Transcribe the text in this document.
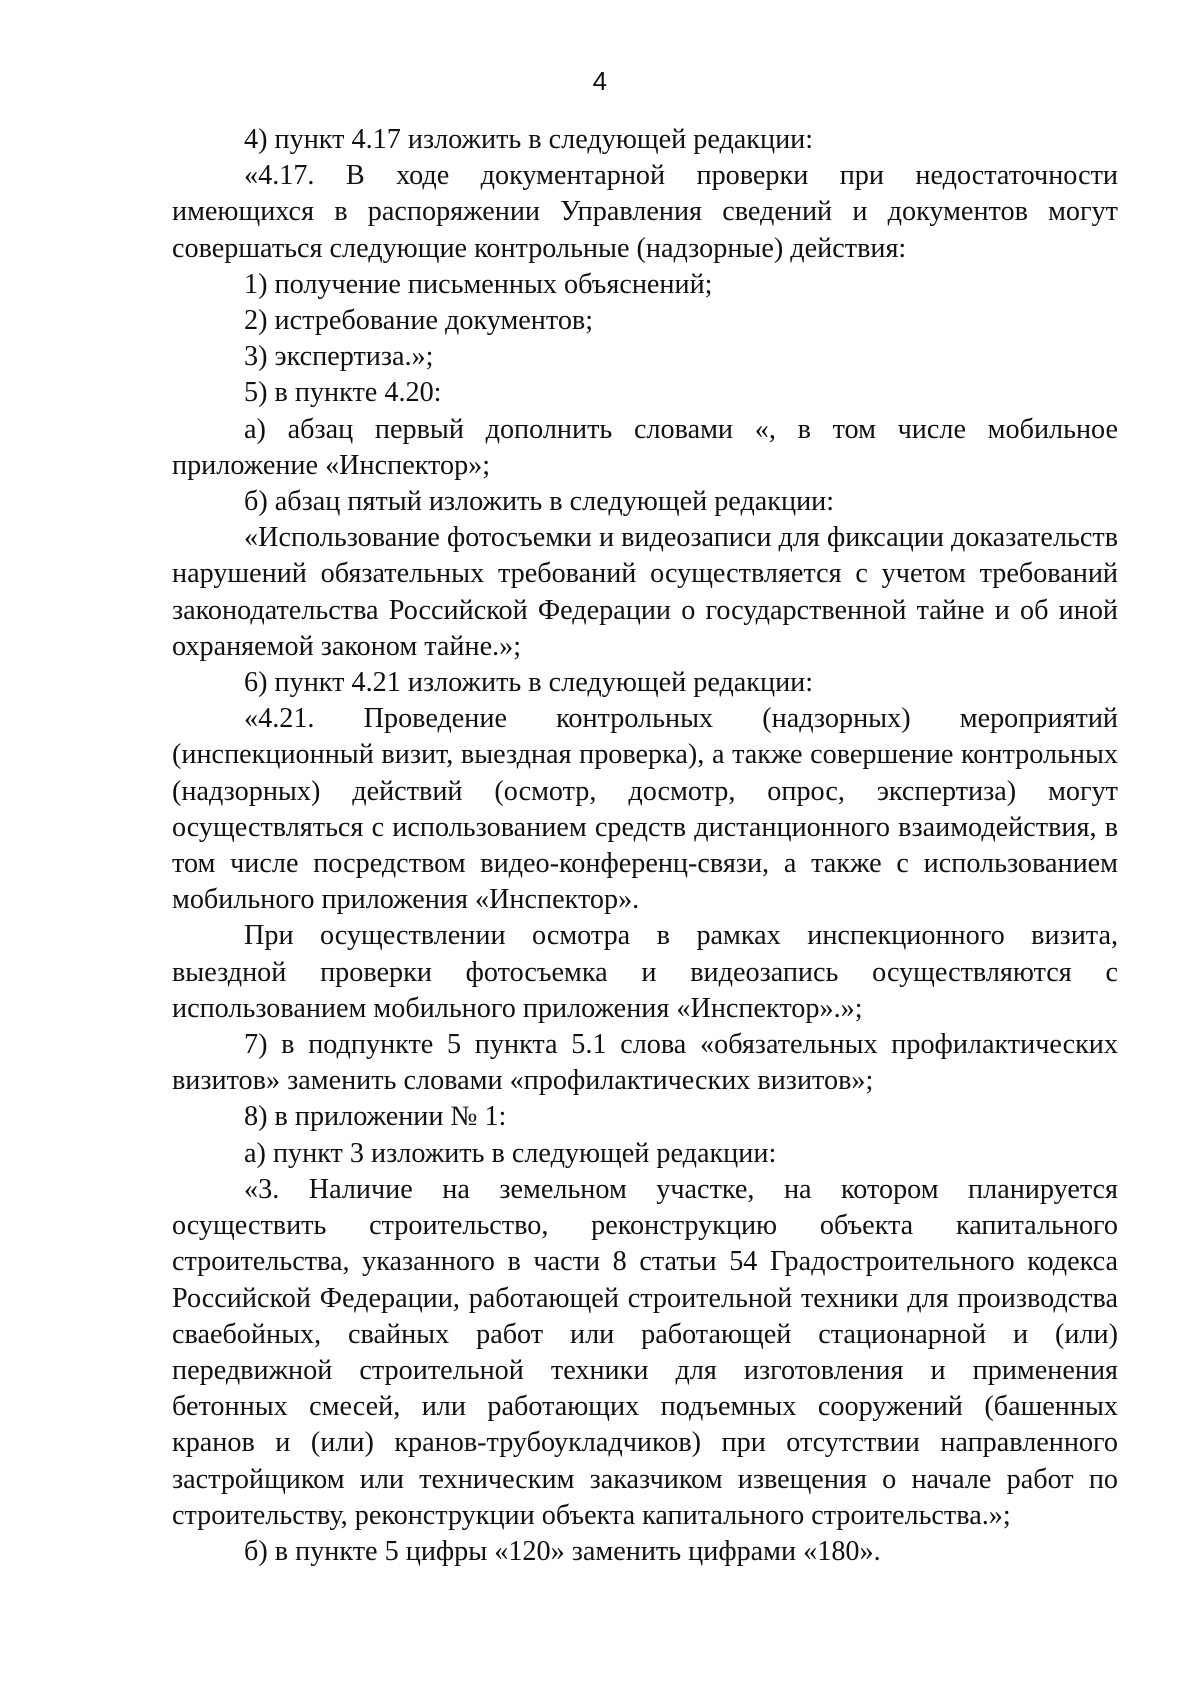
4

4) пункт 4.17 изложить в следующей редакции:

«4.17. В ходе документарной проверки при недостаточности имеющихся в распоряжении Управления сведений и документов могут совершаться следующие контрольные (надзорные) действия:

1) получение письменных объяснений;

2) истребование документов;

3) экспертиза.»;

5) в пункте 4.20:

а) абзац первый дополнить словами «, в том числе мобильное приложение «Инспектор»;

б) абзац пятый изложить в следующей редакции:

«Использование фотосъемки и видеозаписи для фиксации доказательств нарушений обязательных требований осуществляется с учетом требований законодательства Российской Федерации о государственной тайне и об иной охраняемой законом тайне.»;

6) пункт 4.21 изложить в следующей редакции:

«4.21. Проведение контрольных (надзорных) мероприятий (инспекционный визит, выездная проверка), а также совершение контрольных (надзорных) действий (осмотр, досмотр, опрос, экспертиза) могут осуществляться с использованием средств дистанционного взаимодействия, в том числе посредством видео-конференц-связи, а также с использованием мобильного приложения «Инспектор».

При осуществлении осмотра в рамках инспекционного визита, выездной проверки фотосъемка и видеозапись осуществляются с использованием мобильного приложения «Инспектор».»;

7) в подпункте 5 пункта 5.1 слова «обязательных профилактических визитов» заменить словами «профилактических визитов»;

8) в приложении № 1:

а) пункт 3 изложить в следующей редакции:

«3. Наличие на земельном участке, на котором планируется осуществить строительство, реконструкцию объекта капитального строительства, указанного в части 8 статьи 54 Градостроительного кодекса Российской Федерации, работающей строительной техники для производства сваебойных, свайных работ или работающей стационарной и (или) передвижной строительной техники для изготовления и применения бетонных смесей, или работающих подъемных сооружений (башенных кранов и (или) кранов-трубоукладчиков) при отсутствии направленного застройщиком или техническим заказчиком извещения о начале работ по строительству, реконструкции объекта капитального строительства.»;

б) в пункте 5 цифры «120» заменить цифрами «180».
